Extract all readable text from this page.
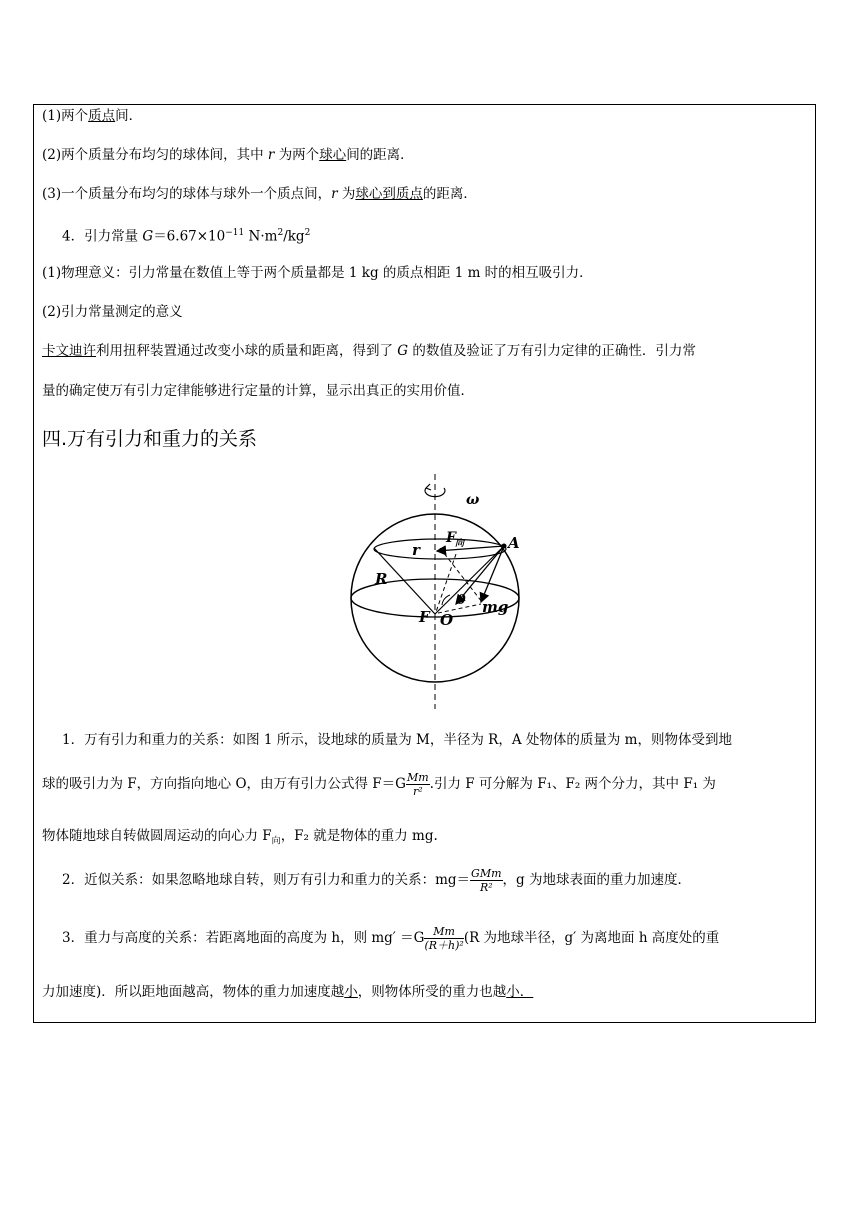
(1)两个质点间．
(2)两个质量分布均匀的球体间，其中 r 为两个球心间的距离．
(3)一个质量分布均匀的球体与球外一个质点间，r 为球心到质点的距离．
4．引力常量 $G=6.67\times 10^{-11}$ $N\cdot m^2/kg^2$
(1)物理意义：引力常量在数值上等于两个质量都是 1 kg 的质点相距 1 m 时的相互吸引力．
(2)引力常量测定的意义
卡文迪许利用扭秤装置通过改变小球的质量和距离，得到了 G 的数值及验证了万有引力定律的正确性．引力常
量的确定使万有引力定律能够进行定量的计算，显示出真正的实用价值．
四.万有引力和重力的关系
ω
F 向	A
r
R
θ mg
F O
1．万有引力和重力的关系：如图 1 所示，设地球的质量为 M，半径为 R，A 处物体的质量为 m，则物体受到地
球的吸引力为 F，方向指向地心 O，由万有引力公式得 $F=G \frac{Mm}{\text{r²}}$ .引力 F 可分解为 F₁、F₂ 两个分力，其中 F₁ 为
物体随地球自转做圆周运动的向心力 $F_向$，F₂ 就是物体的重力 mg.
2．近似关系：如果忽略地球自转，则万有引力和重力的关系：$mg= \frac{\text{GMm}}{\text{R²}}$ ，g 为地球表面的重力加速度．
3．重力与高度的关系：若距离地面的高度为 h，则 $mg' =G \frac{Mm}{\text{(R＋h)²}} (R$ 为地球半径，g′ 为离地面 h 高度处的重
力加速度)．所以距地面越高，物体的重力加速度越小，则物体所受的重力也越小．
